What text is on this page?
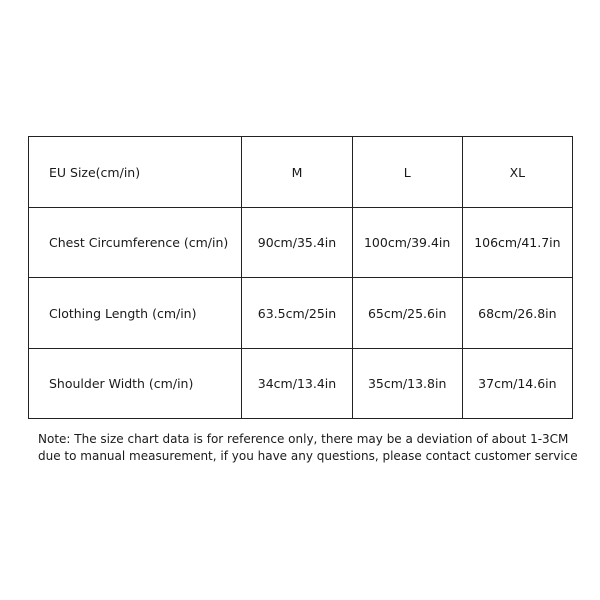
EU Size(cm/in)	M	L	XL
Chest Circumference (cm/in)	90cm/35.4in	100cm/39.4in	106cm/41.7in
Clothing Length (cm/in)	63.5cm/25in	65cm/25.6in	68cm/26.8in
Shoulder Width (cm/in)	34cm/13.4in	35cm/13.8in	37cm/14.6in
Note: The size chart data is for reference only, there may be a deviation of about 1-3CM
due to manual measurement, if you have any questions, please contact customer service
